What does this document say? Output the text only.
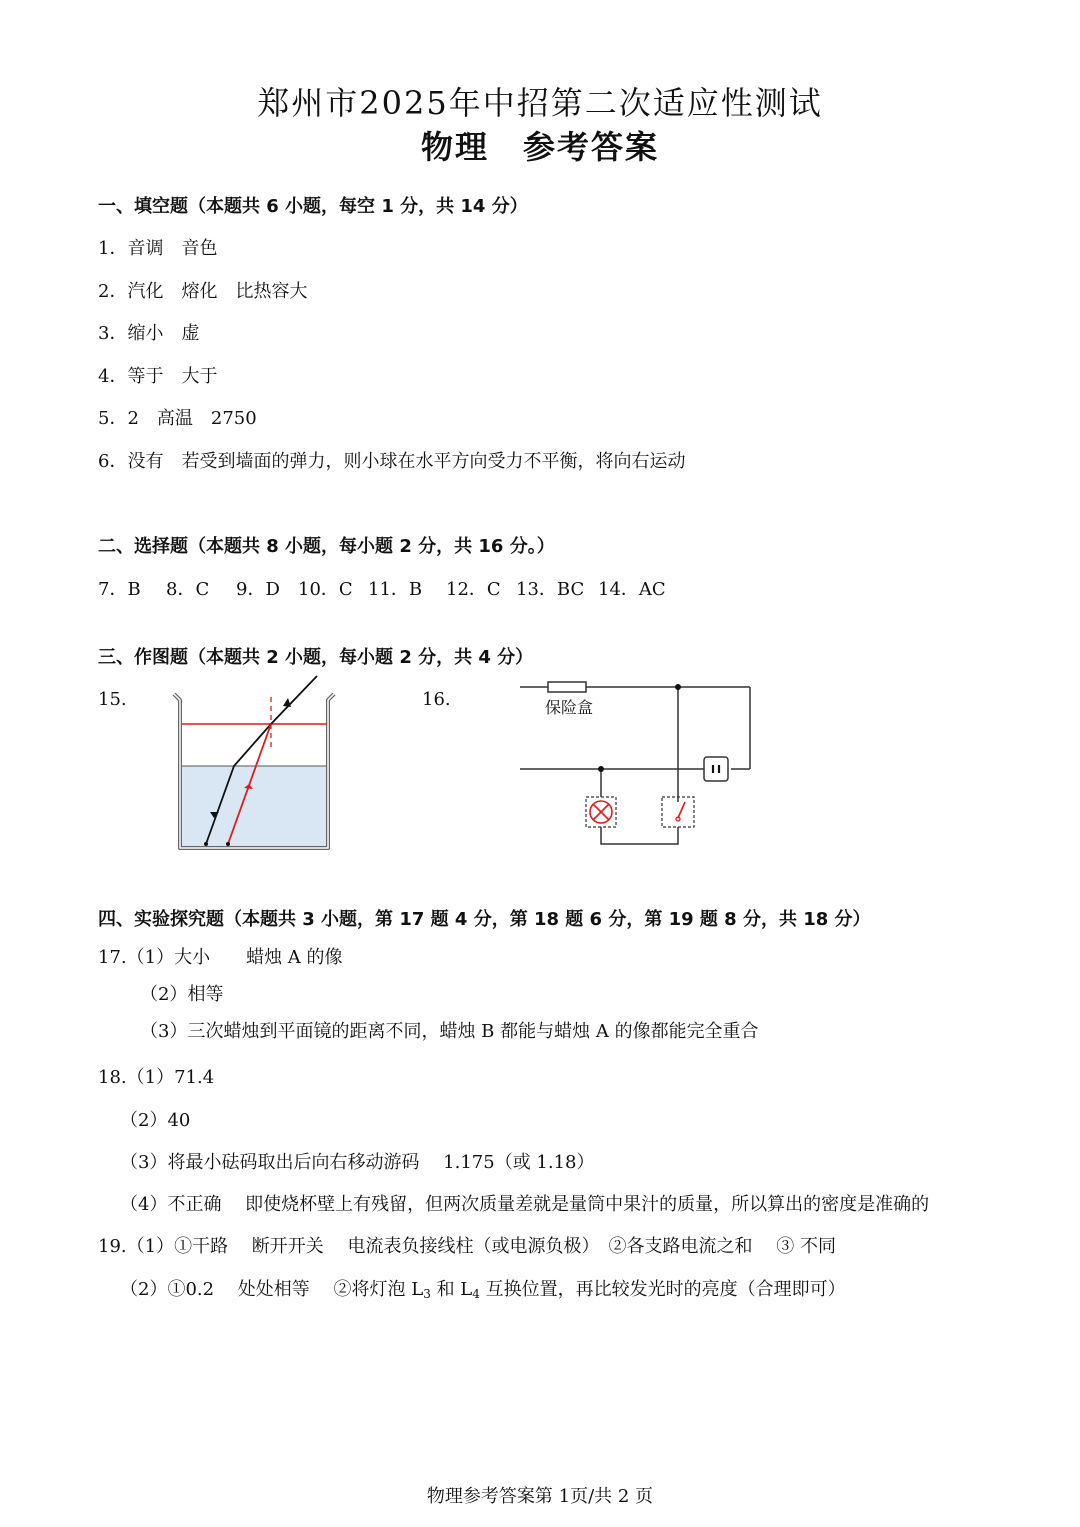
郑州市2025年中招第二次适应性测试
物理　参考答案
一、填空题（本题共 6 小题，每空 1 分，共 14 分）
1．音调　音色
2．汽化　熔化　比热容大
3．缩小　虚
4．等于　大于
5．2　高温　2750
6．没有　若受到墙面的弹力，则小球在水平方向受力不平衡，将向右运动
二、选择题（本题共 8 小题，每小题 2 分，共 16 分。）
7．B 8．C 9．D 10．C 11．B 12．C 13．BC 14．AC
三、作图题（本题共 2 小题，每小题 2 分，共 4 分）
15.	16.	保险盒
四、实验探究题（本题共 3 小题，第 17 题 4 分，第 18 题 6 分，第 19 题 8 分，共 18 分）
17.（1）大小　　蜡烛 A 的像
（2）相等
（3）三次蜡烛到平面镜的距离不同，蜡烛 B 都能与蜡烛 A 的像都能完全重合
18.（1）71.4
（2）40
（3）将最小砝码取出后向右移动游码　 1.175（或 1.18）
（4）不正确　 即使烧杯壁上有残留，但两次质量差就是量筒中果汁的质量，所以算出的密度是准确的
19.（1）①干路　 断开开关　 电流表负接线柱（或电源负极）　②各支路电流之和　 ③ 不同
（2）①0.2　 处处相等　 ②将灯泡 $L_3$ 和 $L_4$ 互换位置，再比较发光时的亮度（合理即可）
物理参考答案第 1页/共 2 页
